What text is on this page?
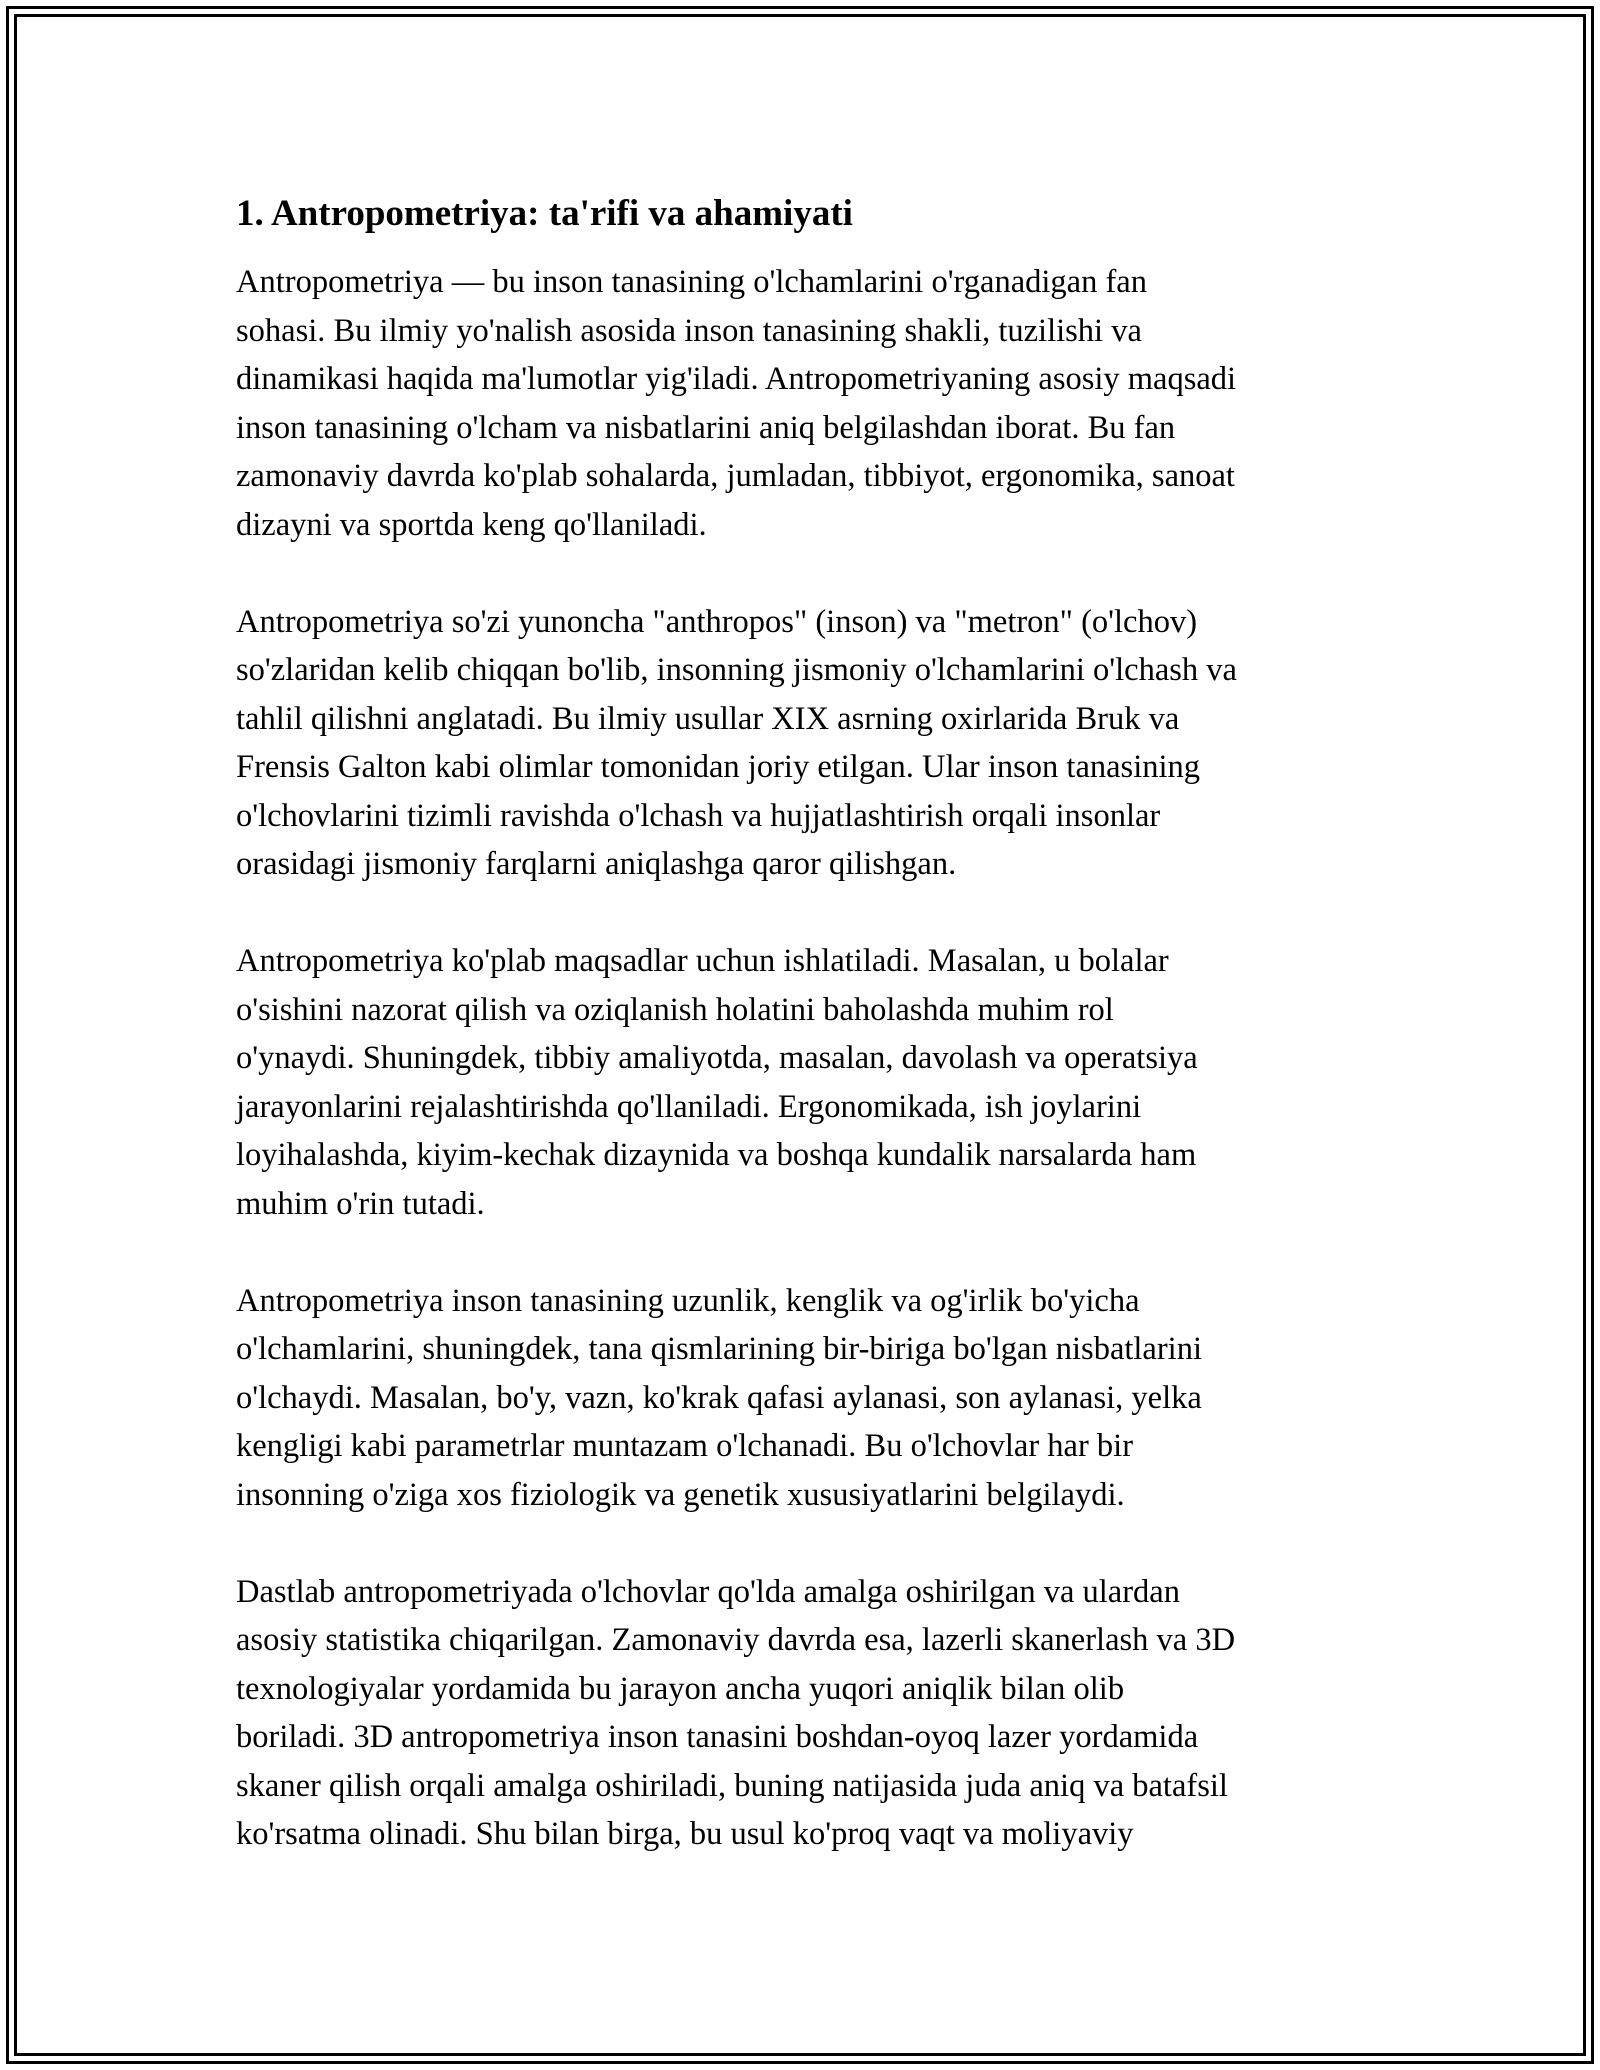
1. Antropometriya: ta'rifi va ahamiyati

Antropometriya — bu inson tanasining o'lchamlarini o'rganadigan fan
sohasi. Bu ilmiy yo'nalish asosida inson tanasining shakli, tuzilishi va
dinamikasi haqida ma'lumotlar yig'iladi. Antropometriyaning asosiy maqsadi
inson tanasining o'lcham va nisbatlarini aniq belgilashdan iborat. Bu fan
zamonaviy davrda ko'plab sohalarda, jumladan, tibbiyot, ergonomika, sanoat
dizayni va sportda keng qo'llaniladi.

Antropometriya so'zi yunoncha "anthropos" (inson) va "metron" (o'lchov)
so'zlaridan kelib chiqqan bo'lib, insonning jismoniy o'lchamlarini o'lchash va
tahlil qilishni anglatadi. Bu ilmiy usullar XIX asrning oxirlarida Bruk va
Frensis Galton kabi olimlar tomonidan joriy etilgan. Ular inson tanasining
o'lchovlarini tizimli ravishda o'lchash va hujjatlashtirish orqali insonlar
orasidagi jismoniy farqlarni aniqlashga qaror qilishgan.

Antropometriya ko'plab maqsadlar uchun ishlatiladi. Masalan, u bolalar
o'sishini nazorat qilish va oziqlanish holatini baholashda muhim rol
o'ynaydi. Shuningdek, tibbiy amaliyotda, masalan, davolash va operatsiya
jarayonlarini rejalashtirishda qo'llaniladi. Ergonomikada, ish joylarini
loyihalashda, kiyim-kechak dizaynida va boshqa kundalik narsalarda ham
muhim o'rin tutadi.

Antropometriya inson tanasining uzunlik, kenglik va og'irlik bo'yicha
o'lchamlarini, shuningdek, tana qismlarining bir-biriga bo'lgan nisbatlarini
o'lchaydi. Masalan, bo'y, vazn, ko'krak qafasi aylanasi, son aylanasi, yelka
kengligi kabi parametrlar muntazam o'lchanadi. Bu o'lchovlar har bir
insonning o'ziga xos fiziologik va genetik xususiyatlarini belgilaydi.

Dastlab antropometriyada o'lchovlar qo'lda amalga oshirilgan va ulardan
asosiy statistika chiqarilgan. Zamonaviy davrda esa, lazerli skanerlash va 3D
texnologiyalar yordamida bu jarayon ancha yuqori aniqlik bilan olib
boriladi. 3D antropometriya inson tanasini boshdan-oyoq lazer yordamida
skaner qilish orqali amalga oshiriladi, buning natijasida juda aniq va batafsil
ko'rsatma olinadi. Shu bilan birga, bu usul ko'proq vaqt va moliyaviy
